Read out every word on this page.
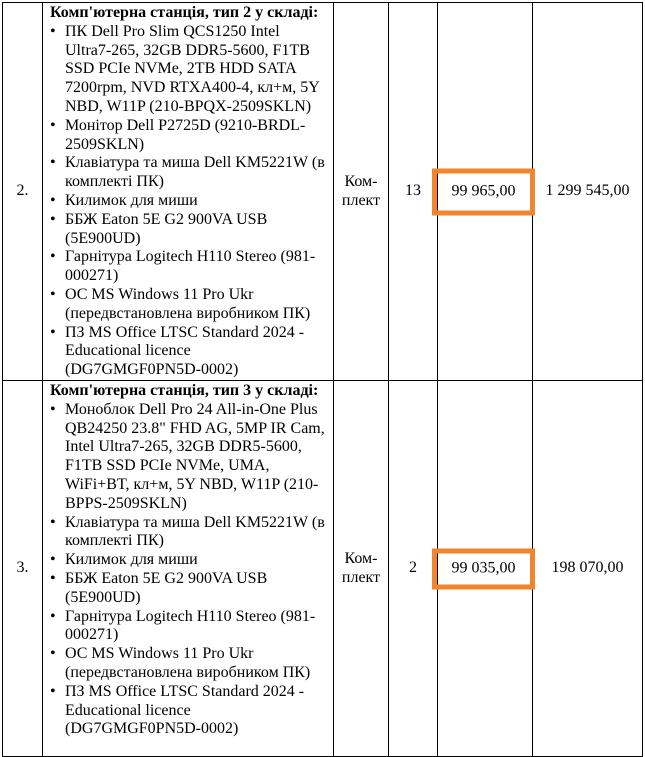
2.	
Комп'ютерна станція, тип 2 у складі:
• ПК Dell Pro Slim QCS1250 Intel Ultra7-265, 32GB DDR5-5600, F1TB SSD PCIe NVMe, 2TB HDD SATA 7200rpm, NVD RTXA400-4, кл+м, 5Y NBD, W11P (210-BPQX-2509SKLN)
• Монітор Dell P2725D (9210-BRDL-2509SKLN)
• Клавіатура та миша Dell KM5221W (в комплекті ПК)
• Килимок для миши
• ББЖ Eaton 5E G2 900VA USB (5E900UD)
• Гарнітура Logitech H110 Stereo (981-000271)
• ОС MS Windows 11 Pro Ukr (передвстановлена виробником ПК)
• ПЗ MS Office LTSC Standard 2024 - Educational licence (DG7GMGF0PN5D-0002)
	Ком-плект	13	99 965,00	1 299 545,00
3.	
Комп'ютерна станція, тип 3 у складі:
• Моноблок Dell Pro 24 All-in-One Plus QB24250 23.8" FHD AG, 5MP IR Cam, Intel Ultra7-265, 32GB DDR5-5600, F1TB SSD PCIe NVMe, UMA, WiFi+BT, кл+м, 5Y NBD, W11P (210-BPPS-2509SKLN)
• Клавіатура та миша Dell KM5221W (в комплекті ПК)
• Килимок для миши
• ББЖ Eaton 5E G2 900VA USB (5E900UD)
• Гарнітура Logitech H110 Stereo (981-000271)
• ОС MS Windows 11 Pro Ukr (передвстановлена виробником ПК)
• ПЗ MS Office LTSC Standard 2024 - Educational licence (DG7GMGF0PN5D-0002)
	Ком-плект	2	99 035,00	198 070,00
